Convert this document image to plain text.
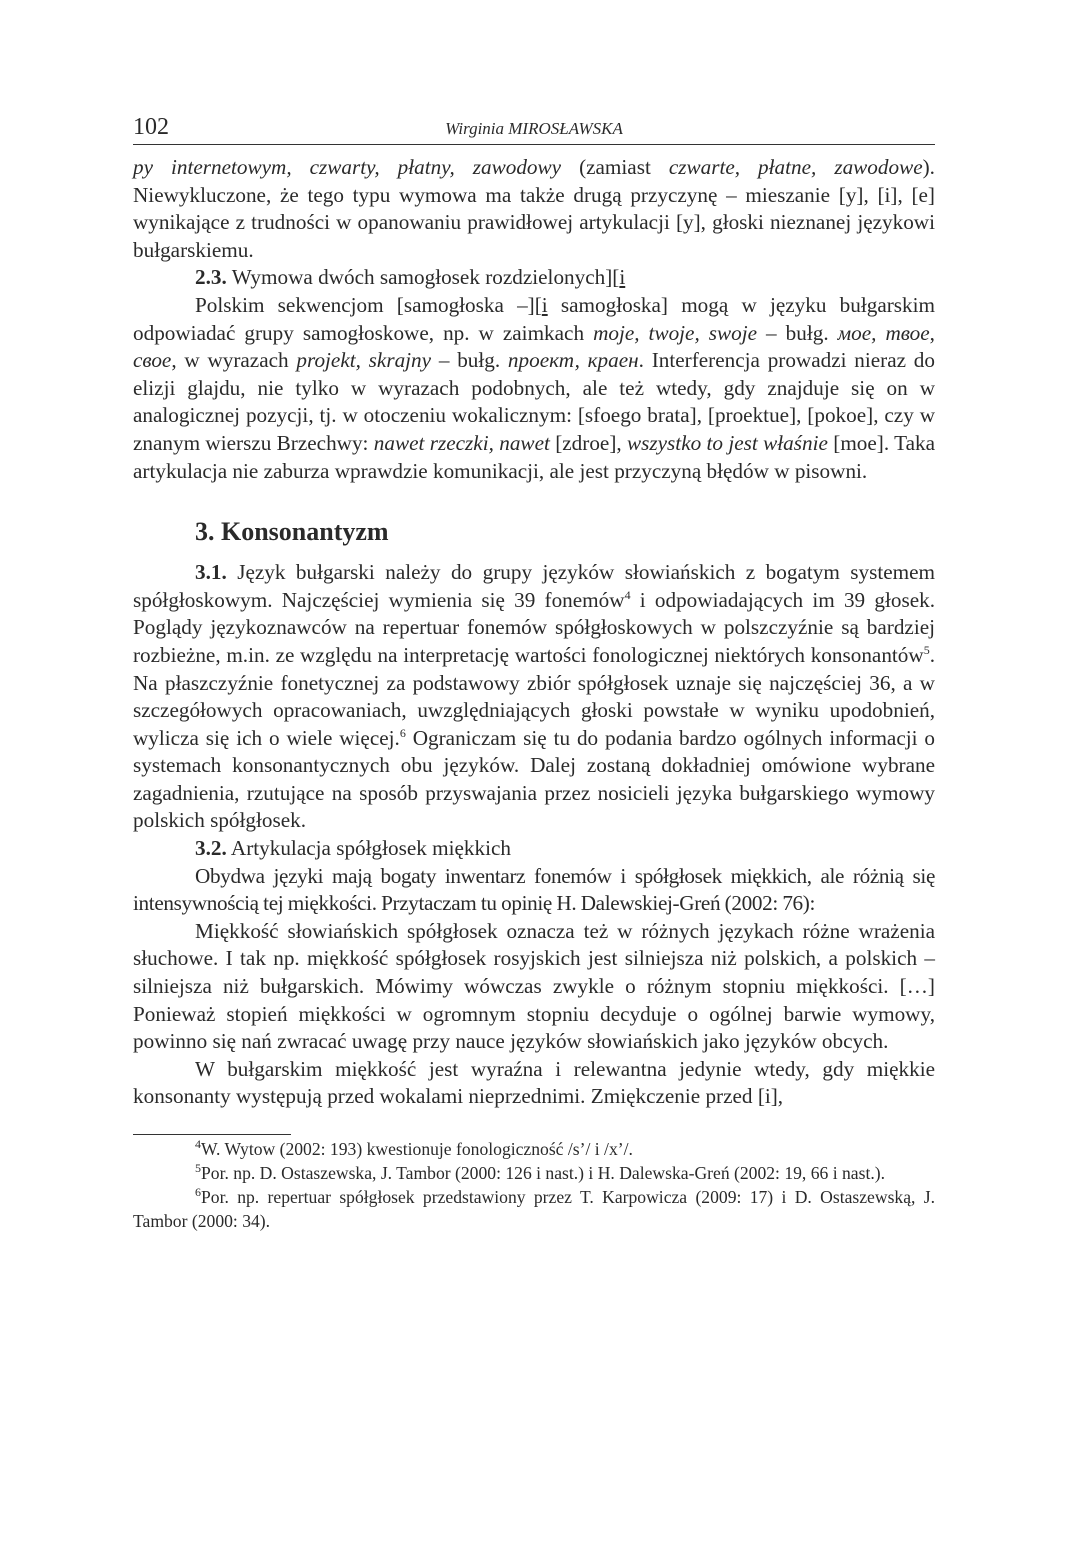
102	Wirginia MIROSŁAWSKA

py internetowym, czwarty, płatny, zawodowy (zamiast czwarte, płatne, zawodowe). Niewykluczone, że tego typu wymowa ma także drugą przyczynę – mieszanie [y], [i], [e] wynikające z trudności w opanowaniu prawidłowej artykulacji [y], głoski nieznanej językowi bułgarskiemu.

2.3. Wymowa dwóch samogłosek rozdzielonych][i

Polskim sekwencjom [samogłoska –][i samogłoska] mogą w języku bułgarskim odpowiadać grupy samogłoskowe, np. w zaimkach moje, twoje, swoje – bułg. мое, твое, свое, w wyrazach projekt, skrajny – bułg. проект, краен. Interferencja prowadzi nieraz do elizji glajdu, nie tylko w wyrazach podobnych, ale też wtedy, gdy znajduje się on w analogicznej pozycji, tj. w otoczeniu wokalicznym: [sfoego brata], [proektue], [pokoe], czy w znanym wierszu Brzechwy: nawet rzeczki, nawet [zdroe], wszystko to jest właśnie [moe]. Taka artykulacja nie zaburza wprawdzie komunikacji, ale jest przyczyną błędów w pisowni.

3. Konsonantyzm

3.1. Język bułgarski należy do grupy języków słowiańskich z bogatym systemem spółgłoskowym. Najczęściej wymienia się 39 fonemów$^4$ i odpowiadających im 39 głosek. Poglądy językoznawców na repertuar fonemów spółgłoskowych w polszczyźnie są bardziej rozbieżne, m.in. ze względu na interpretację wartości fonologicznej niektórych konsonantów$^5$. Na płaszczyźnie fonetycznej za podstawowy zbiór spółgłosek uznaje się najczęściej 36, a w szczegółowych opracowaniach, uwzględniających głoski powstałe w wyniku upodobnień, wylicza się ich o wiele więcej.$^6$ Ograniczam się tu do podania bardzo ogólnych informacji o systemach konsonantycznych obu języków. Dalej zostaną dokładniej omówione wybrane zagadnienia, rzutujące na sposób przyswajania przez nosicieli języka bułgarskiego wymowy polskich spółgłosek.

3.2. Artykulacja spółgłosek miękkich

Obydwa języki mają bogaty inwentarz fonemów i spółgłosek miękkich, ale różnią się intensywnością tej miękkości. Przytaczam tu opinię H. Dalewskiej-Greń (2002: 76):

Miękkość słowiańskich spółgłosek oznacza też w różnych językach różne wrażenia słuchowe. I tak np. miękkość spółgłosek rosyjskich jest silniejsza niż polskich, a polskich – silniejsza niż bułgarskich. Mówimy wówczas zwykle o różnym stopniu miękkości. […] Ponieważ stopień miękkości w ogromnym stopniu decyduje o ogólnej barwie wymowy, powinno się nań zwracać uwagę przy nauce języków słowiańskich jako języków obcych.

W bułgarskim miękkość jest wyraźna i relewantna jedynie wtedy, gdy miękkie konsonanty występują przed wokalami nieprzednimi. Zmiękczenie przed [i],

$^4$W. Wytow (2002: 193) kwestionuje fonologiczność /s’/ i /x’/.

$^5$Por. np. D. Ostaszewska, J. Tambor (2000: 126 i nast.) i H. Dalewska-Greń (2002: 19, 66 i nast.).

$^6$Por. np. repertuar spółgłosek przedstawiony przez T. Karpowicza (2009: 17) i D. Ostaszewską, J. Tambor (2000: 34).
